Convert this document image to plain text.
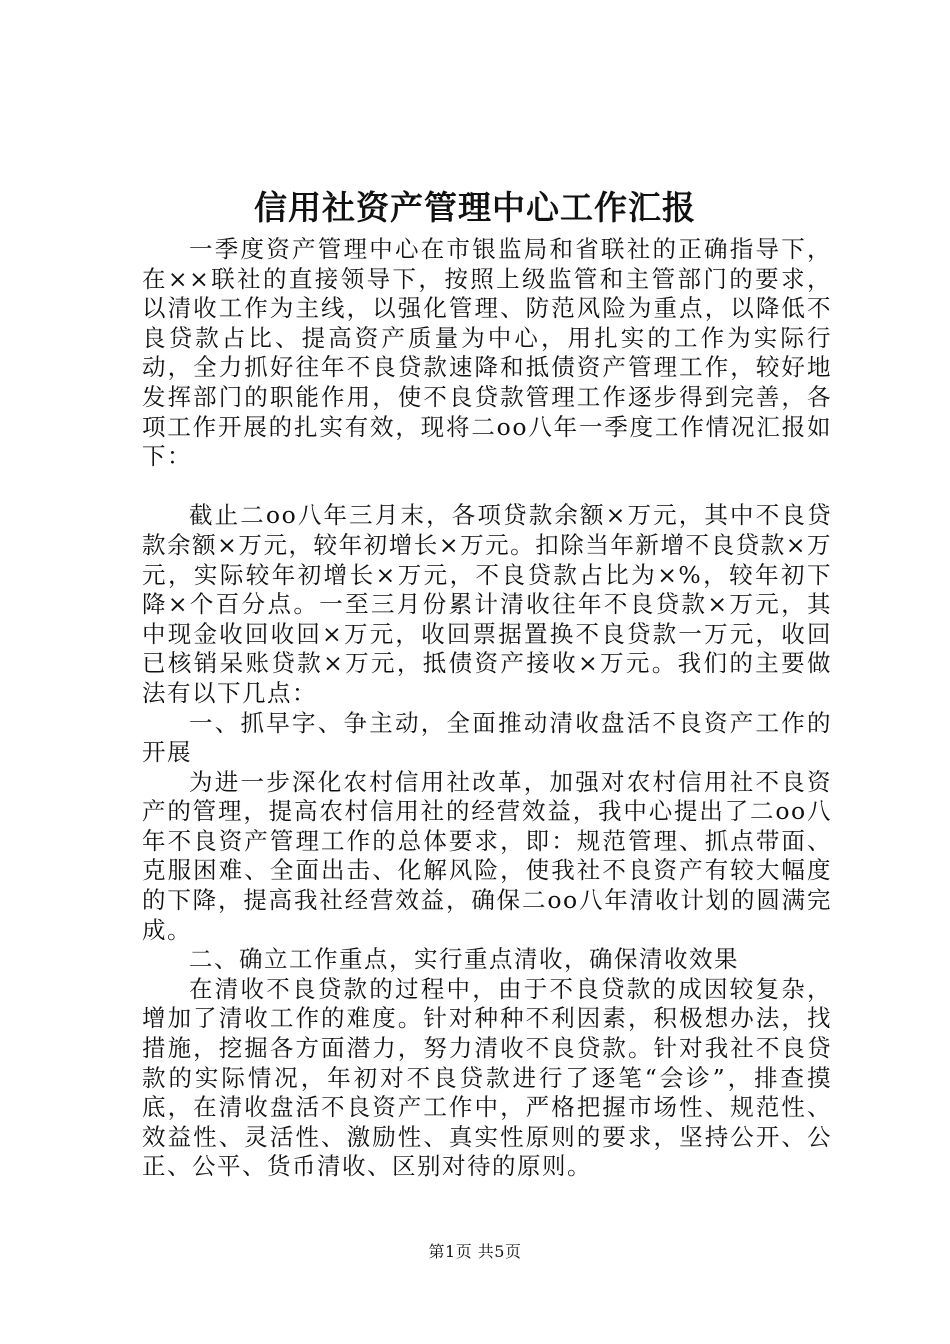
信用社资产管理中心工作汇报

一季度资产管理中心在市银监局和省联社的正确指导下，在××联社的直接领导下，按照上级监管和主管部门的要求，以清收工作为主线，以强化管理、防范风险为重点，以降低不良贷款占比、提高资产质量为中心，用扎实的工作为实际行动，全力抓好往年不良贷款速降和抵债资产管理工作，较好地发挥部门的职能作用，使不良贷款管理工作逐步得到完善，各项工作开展的扎实有效，现将二oo八年一季度工作情况汇报如下：

截止二oo八年三月末，各项贷款余额×万元，其中不良贷款余额×万元，较年初增长×万元。扣除当年新增不良贷款×万元，实际较年初增长×万元，不良贷款占比为×%，较年初下降×个百分点。一至三月份累计清收往年不良贷款×万元，其中现金收回收回×万元，收回票据置换不良贷款一万元，收回已核销呆账贷款×万元，抵债资产接收×万元。我们的主要做法有以下几点：

一、抓早字、争主动，全面推动清收盘活不良资产工作的开展

为进一步深化农村信用社改革，加强对农村信用社不良资产的管理，提高农村信用社的经营效益，我中心提出了二oo八年不良资产管理工作的总体要求，即：规范管理、抓点带面、克服困难、全面出击、化解风险，使我社不良资产有较大幅度的下降，提高我社经营效益，确保二oo八年清收计划的圆满完成。

二、确立工作重点，实行重点清收，确保清收效果

在清收不良贷款的过程中，由于不良贷款的成因较复杂，增加了清收工作的难度。针对种种不利因素，积极想办法，找措施，挖掘各方面潜力，努力清收不良贷款。针对我社不良贷款的实际情况，年初对不良贷款进行了逐笔“会诊”，排查摸底，在清收盘活不良资产工作中，严格把握市场性、规范性、效益性、灵活性、激励性、真实性原则的要求，坚持公开、公正、公平、货币清收、区别对待的原则。

第1页 共5页
